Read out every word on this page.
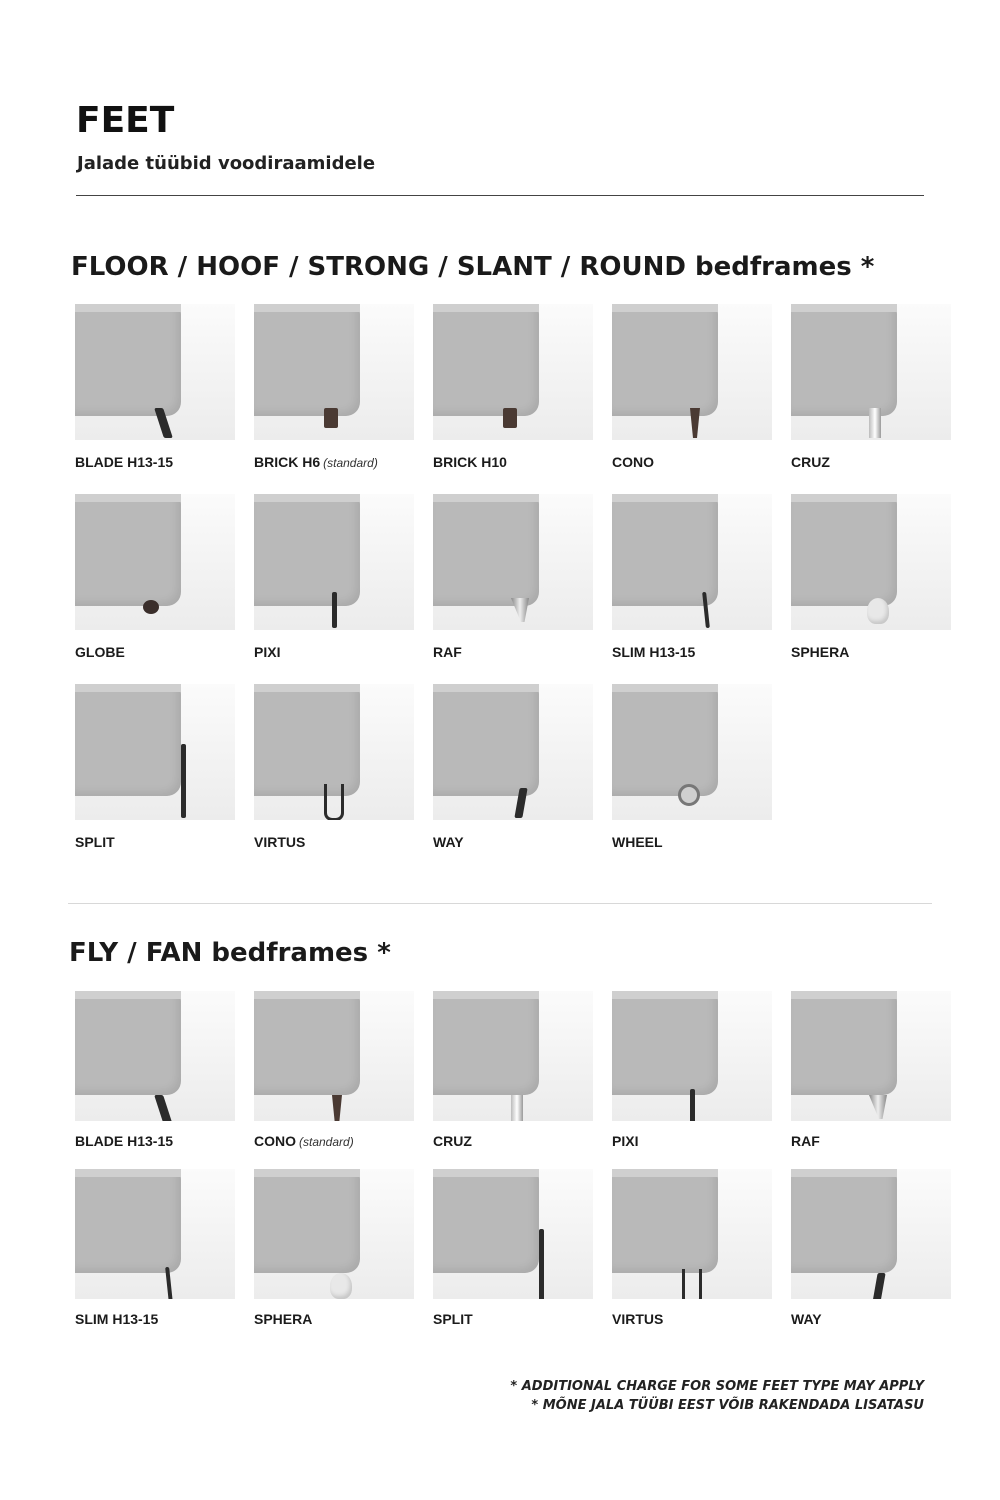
FEET

Jalade tüübid voodiraamidele

FLOOR / HOOF / STRONG / SLANT / ROUND bedframes *
BLADE H13-15	BRICK H6 (standard)	BRICK H10	CONO	CRUZ
GLOBE	PIXI	RAF	SLIM H13-15	SPHERA
SPLIT	VIRTUS	WAY	WHEEL
FLY / FAN bedframes *
BLADE H13-15	CONO (standard)	CRUZ	PIXI	RAF
SLIM H13-15	SPHERA	SPLIT	VIRTUS	WAY

* ADDITIONAL CHARGE FOR SOME FEET TYPE MAY APPLY

* MÕNE JALA TÜÜBI EEST VÕIB RAKENDADA LISATASU
